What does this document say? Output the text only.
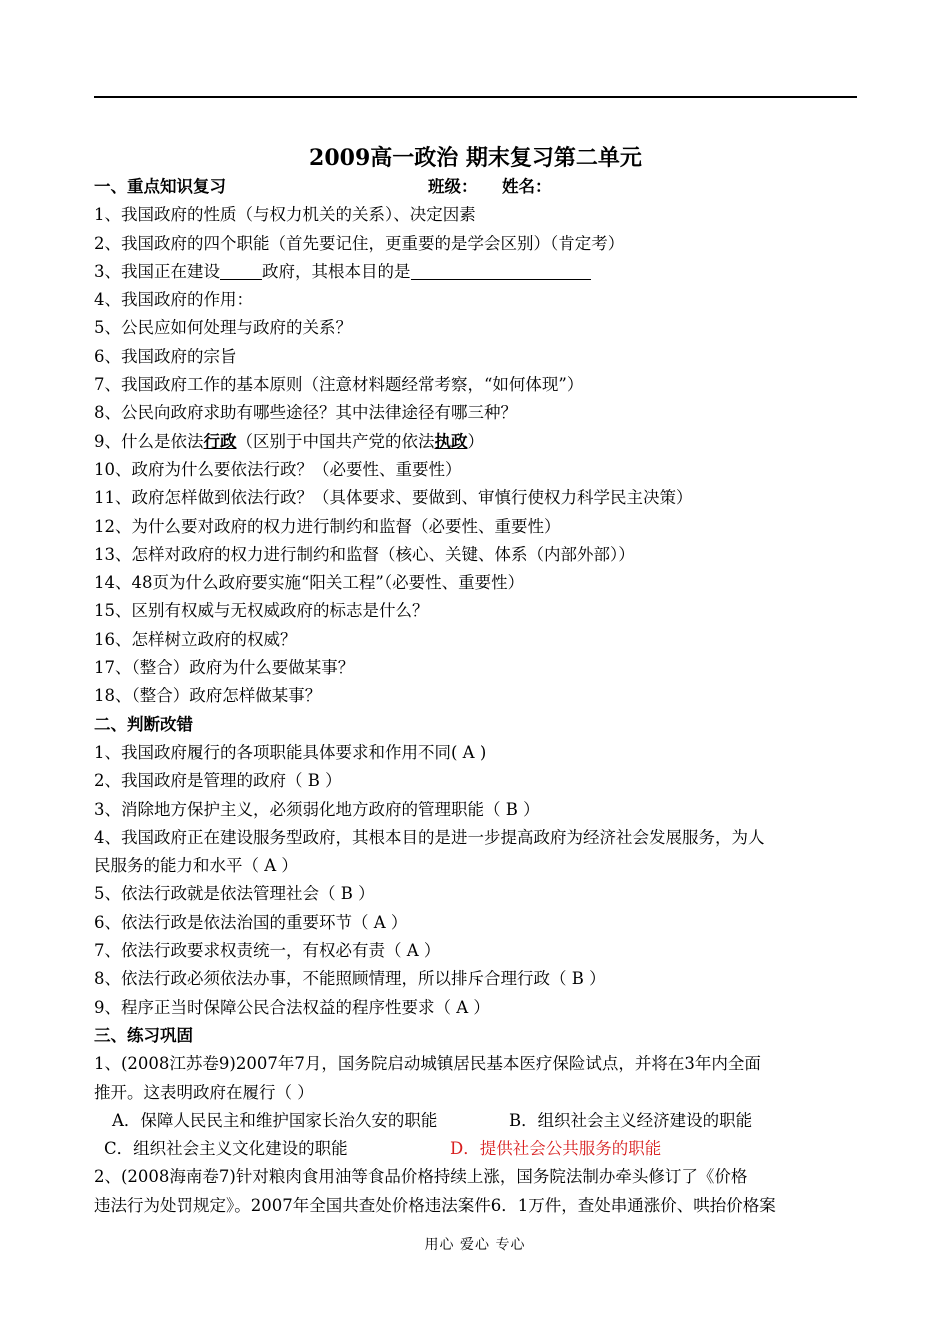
2009高一政治 期末复习第二单元
一、重点知识复习	班级： 姓名：
1、我国政府的性质（与权力机关的关系）、决定因素
2、我国政府的四个职能（首先要记住，更重要的是学会区别）（肯定考）
3、我国正在建设	政府，其根本目的是
4、我国政府的作用：
5、公民应如何处理与政府的关系？
6、我国政府的宗旨
7、我国政府工作的基本原则（注意材料题经常考察，“如何体现”）
8、公民向政府求助有哪些途径？其中法律途径有哪三种？
9、什么是依法行政（区别于中国共产党的依法执政）
10、政府为什么要依法行政？（必要性、重要性）
11、政府怎样做到依法行政？（具体要求、要做到、审慎行使权力科学民主决策）
12、为什么要对政府的权力进行制约和监督（必要性、重要性）
13、怎样对政府的权力进行制约和监督（核心、关键、体系（内部外部））
14、48页为什么政府要实施“阳关工程”（必要性、重要性）
15、区别有权威与无权威政府的标志是什么？
16、怎样树立政府的权威？
17、（整合）政府为什么要做某事？
18、（整合）政府怎样做某事？
二、判断改错
1、我国政府履行的各项职能具体要求和作用不同( A )
2、我国政府是管理的政府（ B ）
3、消除地方保护主义，必须弱化地方政府的管理职能（ B ）
4、我国政府正在建设服务型政府，其根本目的是进一步提高政府为经济社会发展服务，为人
民服务的能力和水平（ A ）
5、依法行政就是依法管理社会（ B ）
6、依法行政是依法治国的重要环节（ A ）
7、依法行政要求权责统一，有权必有责（ A ）
8、依法行政必须依法办事，不能照顾情理，所以排斥合理行政（ B ）
9、程序正当时保障公民合法权益的程序性要求（ A ）
三、练习巩固
1、(2008江苏卷9)2007年7月，国务院启动城镇居民基本医疗保险试点，并将在3年内全面
推开。这表明政府在履行（ ）
A．保障人民民主和维护国家长治久安的职能	B．组织社会主义经济建设的职能
C．组织社会主义文化建设的职能	D．提供社会公共服务的职能
2、(2008海南卷7)针对粮肉食用油等食品价格持续上涨，国务院法制办牵头修订了《价格
违法行为处罚规定》。2007年全国共查处价格违法案件6．1万件，查处串通涨价、哄抬价格案
用心 爱心 专心
